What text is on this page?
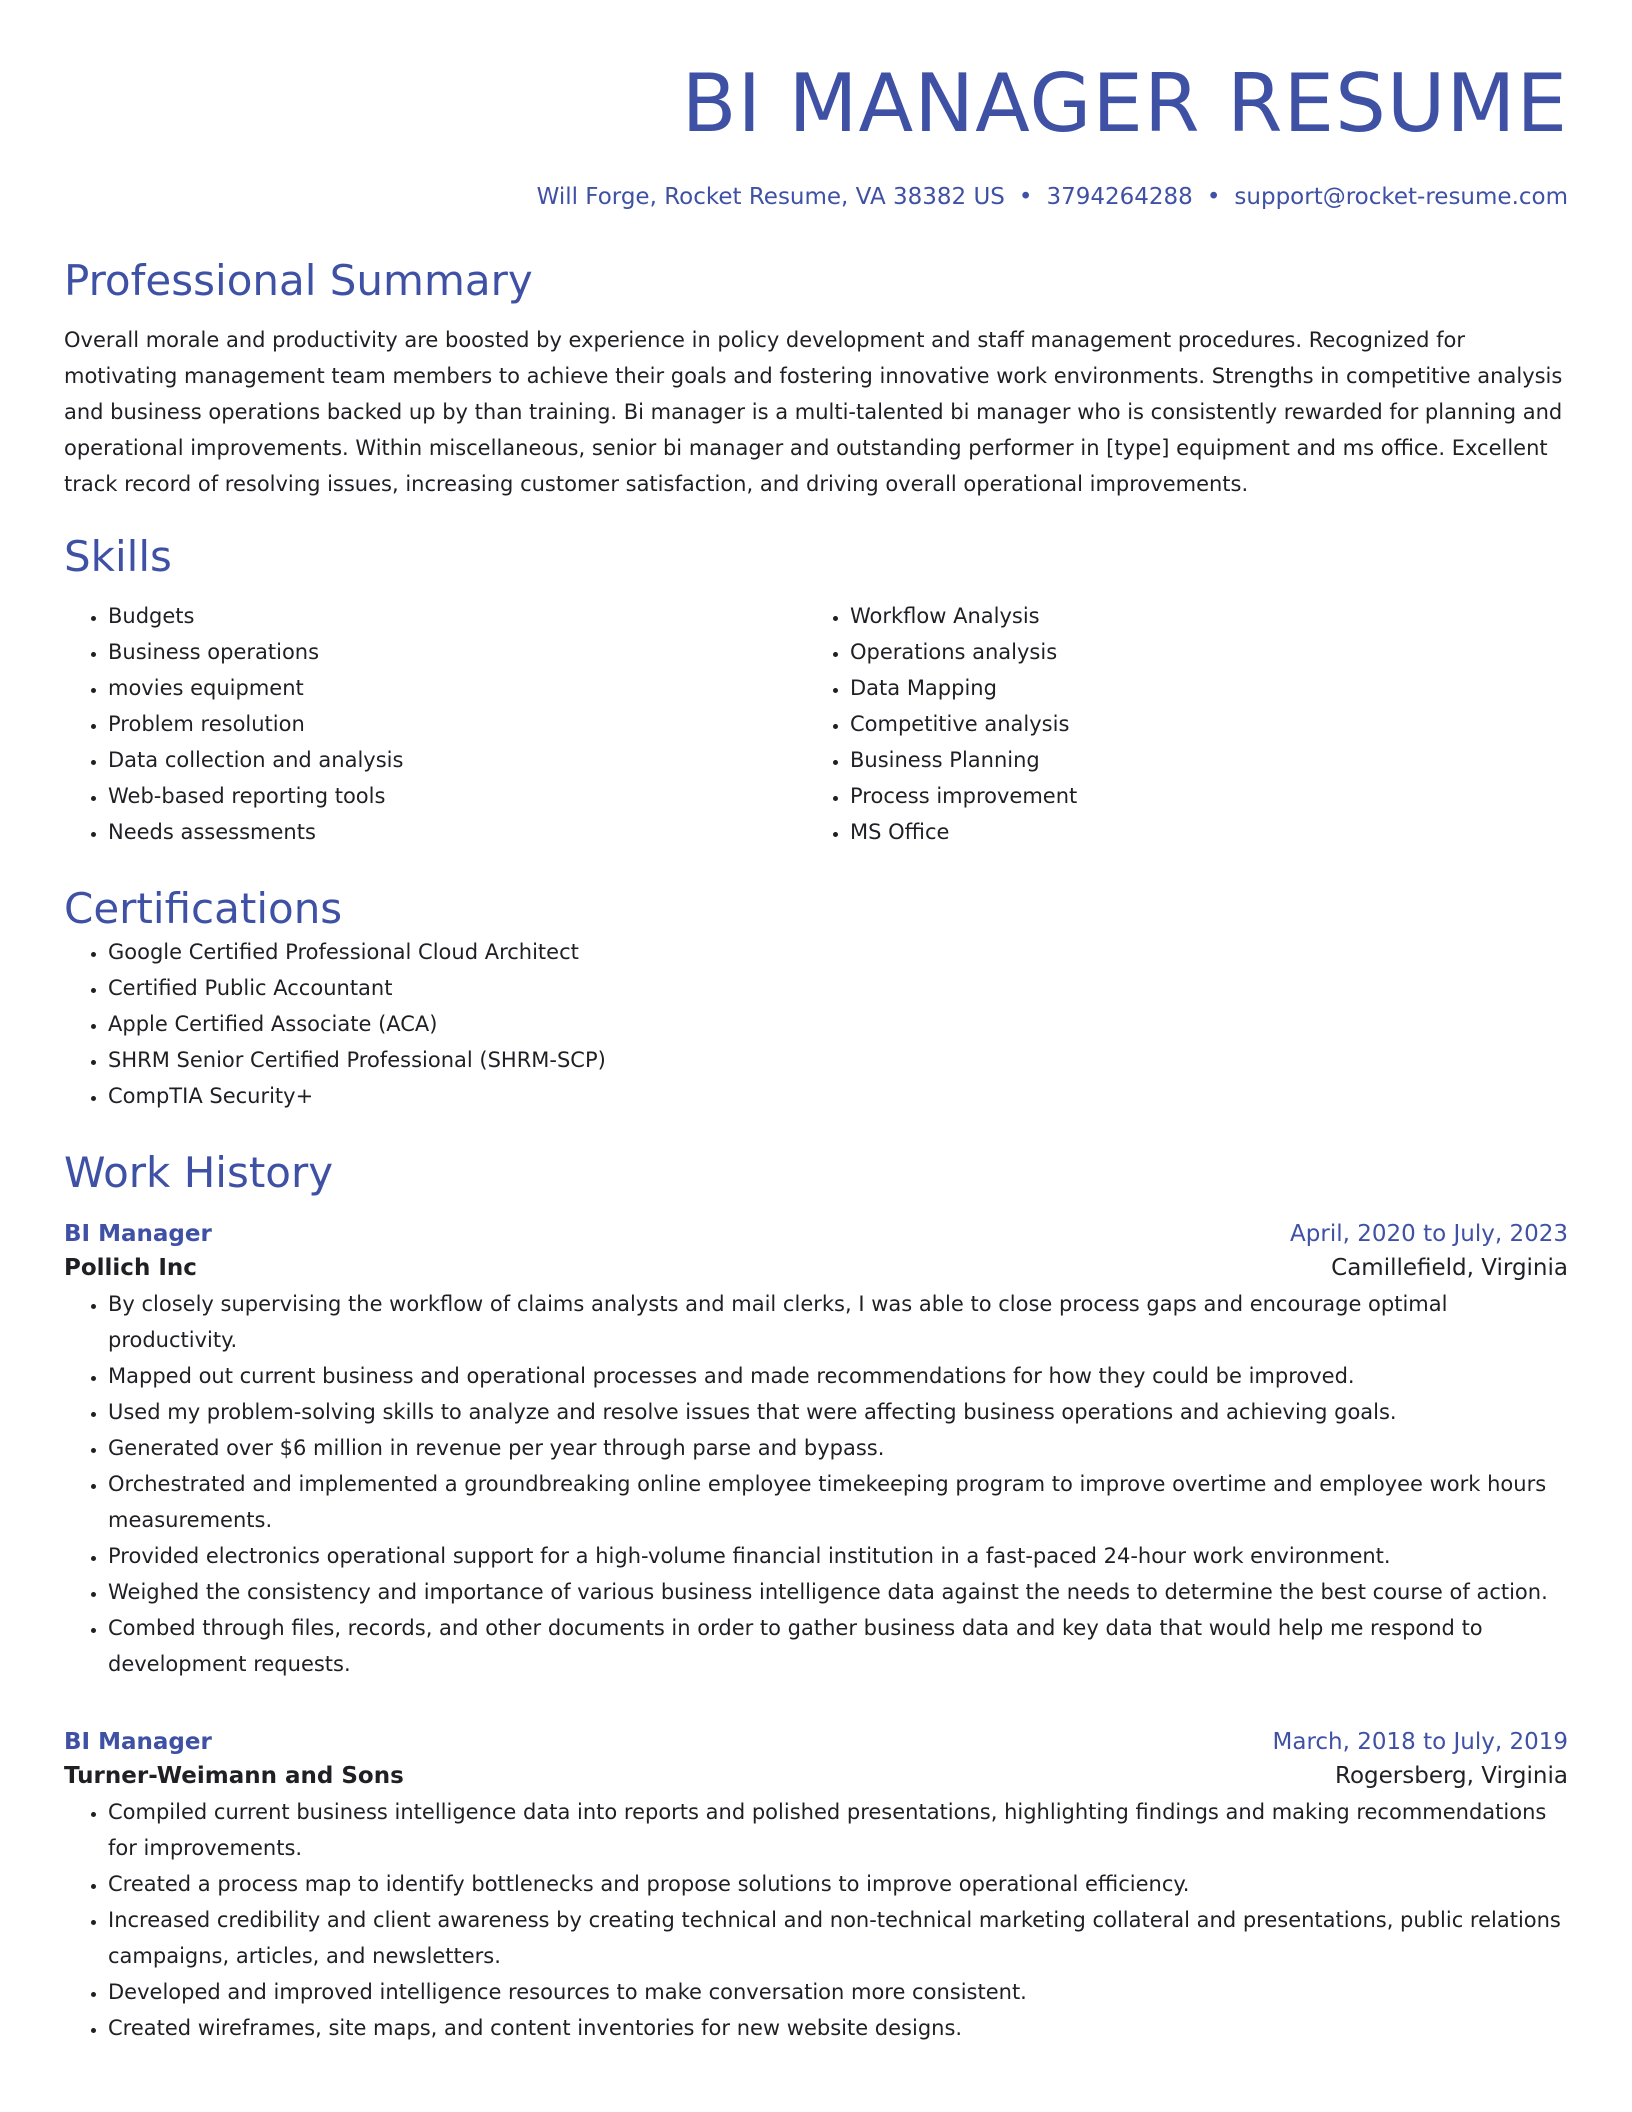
BI MANAGER RESUME
Will Forge, Rocket Resume, VA 38382 US • 3794264288 • support@rocket-resume.com
Professional Summary

Overall morale and productivity are boosted by experience in policy development and staff management procedures. Recognized for motivating management team members to achieve their goals and fostering innovative work environments. Strengths in competitive analysis and business operations backed up by than training. Bi manager is a multi-talented bi manager who is consistently rewarded for planning and operational improvements. Within miscellaneous, senior bi manager and outstanding performer in [type] equipment and ms office. Excellent track record of resolving issues, increasing customer satisfaction, and driving overall operational improvements.

Skills
• Budgets
• Business operations
• movies equipment
• Problem resolution
• Data collection and analysis
• Web-based reporting tools
• Needs assessments
• Workflow Analysis
• Operations analysis
• Data Mapping
• Competitive analysis
• Business Planning
• Process improvement
• MS Office
Certifications
• Google Certified Professional Cloud Architect
• Certified Public Accountant
• Apple Certified Associate (ACA)
• SHRM Senior Certified Professional (SHRM-SCP)
• CompTIA Security+
Work History
BI Manager	April, 2020 to July, 2023
Pollich Inc	Camillefield, Virginia
• By closely supervising the workflow of claims analysts and mail clerks, I was able to close process gaps and encourage optimal productivity.
• Mapped out current business and operational processes and made recommendations for how they could be improved.
• Used my problem-solving skills to analyze and resolve issues that were affecting business operations and achieving goals.
• Generated over $6 million in revenue per year through parse and bypass.
• Orchestrated and implemented a groundbreaking online employee timekeeping program to improve overtime and employee work hours measurements.
• Provided electronics operational support for a high-volume financial institution in a fast-paced 24-hour work environment.
• Weighed the consistency and importance of various business intelligence data against the needs to determine the best course of action.
• Combed through files, records, and other documents in order to gather business data and key data that would help me respond to development requests.
BI Manager	March, 2018 to July, 2019
Turner-Weimann and Sons	Rogersberg, Virginia
• Compiled current business intelligence data into reports and polished presentations, highlighting findings and making recommendations for improvements.
• Created a process map to identify bottlenecks and propose solutions to improve operational efficiency.
• Increased credibility and client awareness by creating technical and non-technical marketing collateral and presentations, public relations campaigns, articles, and newsletters.
• Developed and improved intelligence resources to make conversation more consistent.
• Created wireframes, site maps, and content inventories for new website designs.
